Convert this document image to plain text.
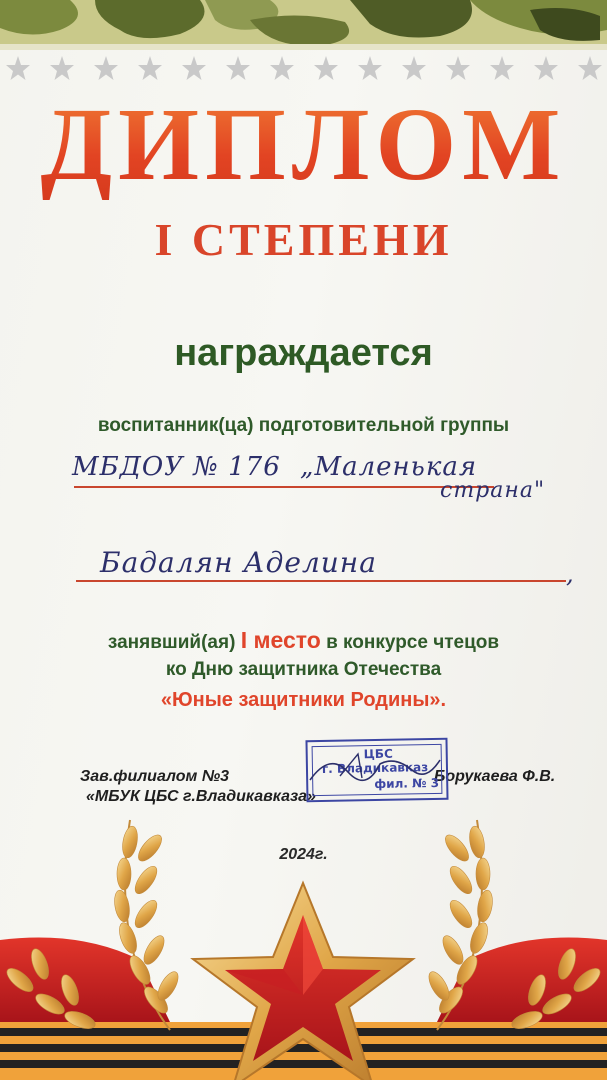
ДИПЛОМ
I СТЕПЕНИ
награждается
воспитанник(ца) подготовительной группы
МБДОУ № 176 „Маленькая
страна"
Бадалян Аделина	,
занявший(ая) I место в конкурсе чтецов
ко Дню защитника Отечества
«Юные защитники Родины».
Зав.филиалом №3
«МБУК ЦБС г.Владикавказа»
Борукаева Ф.В.
ЦБС
г. Владикавказ
фил. № 3
2024г.
